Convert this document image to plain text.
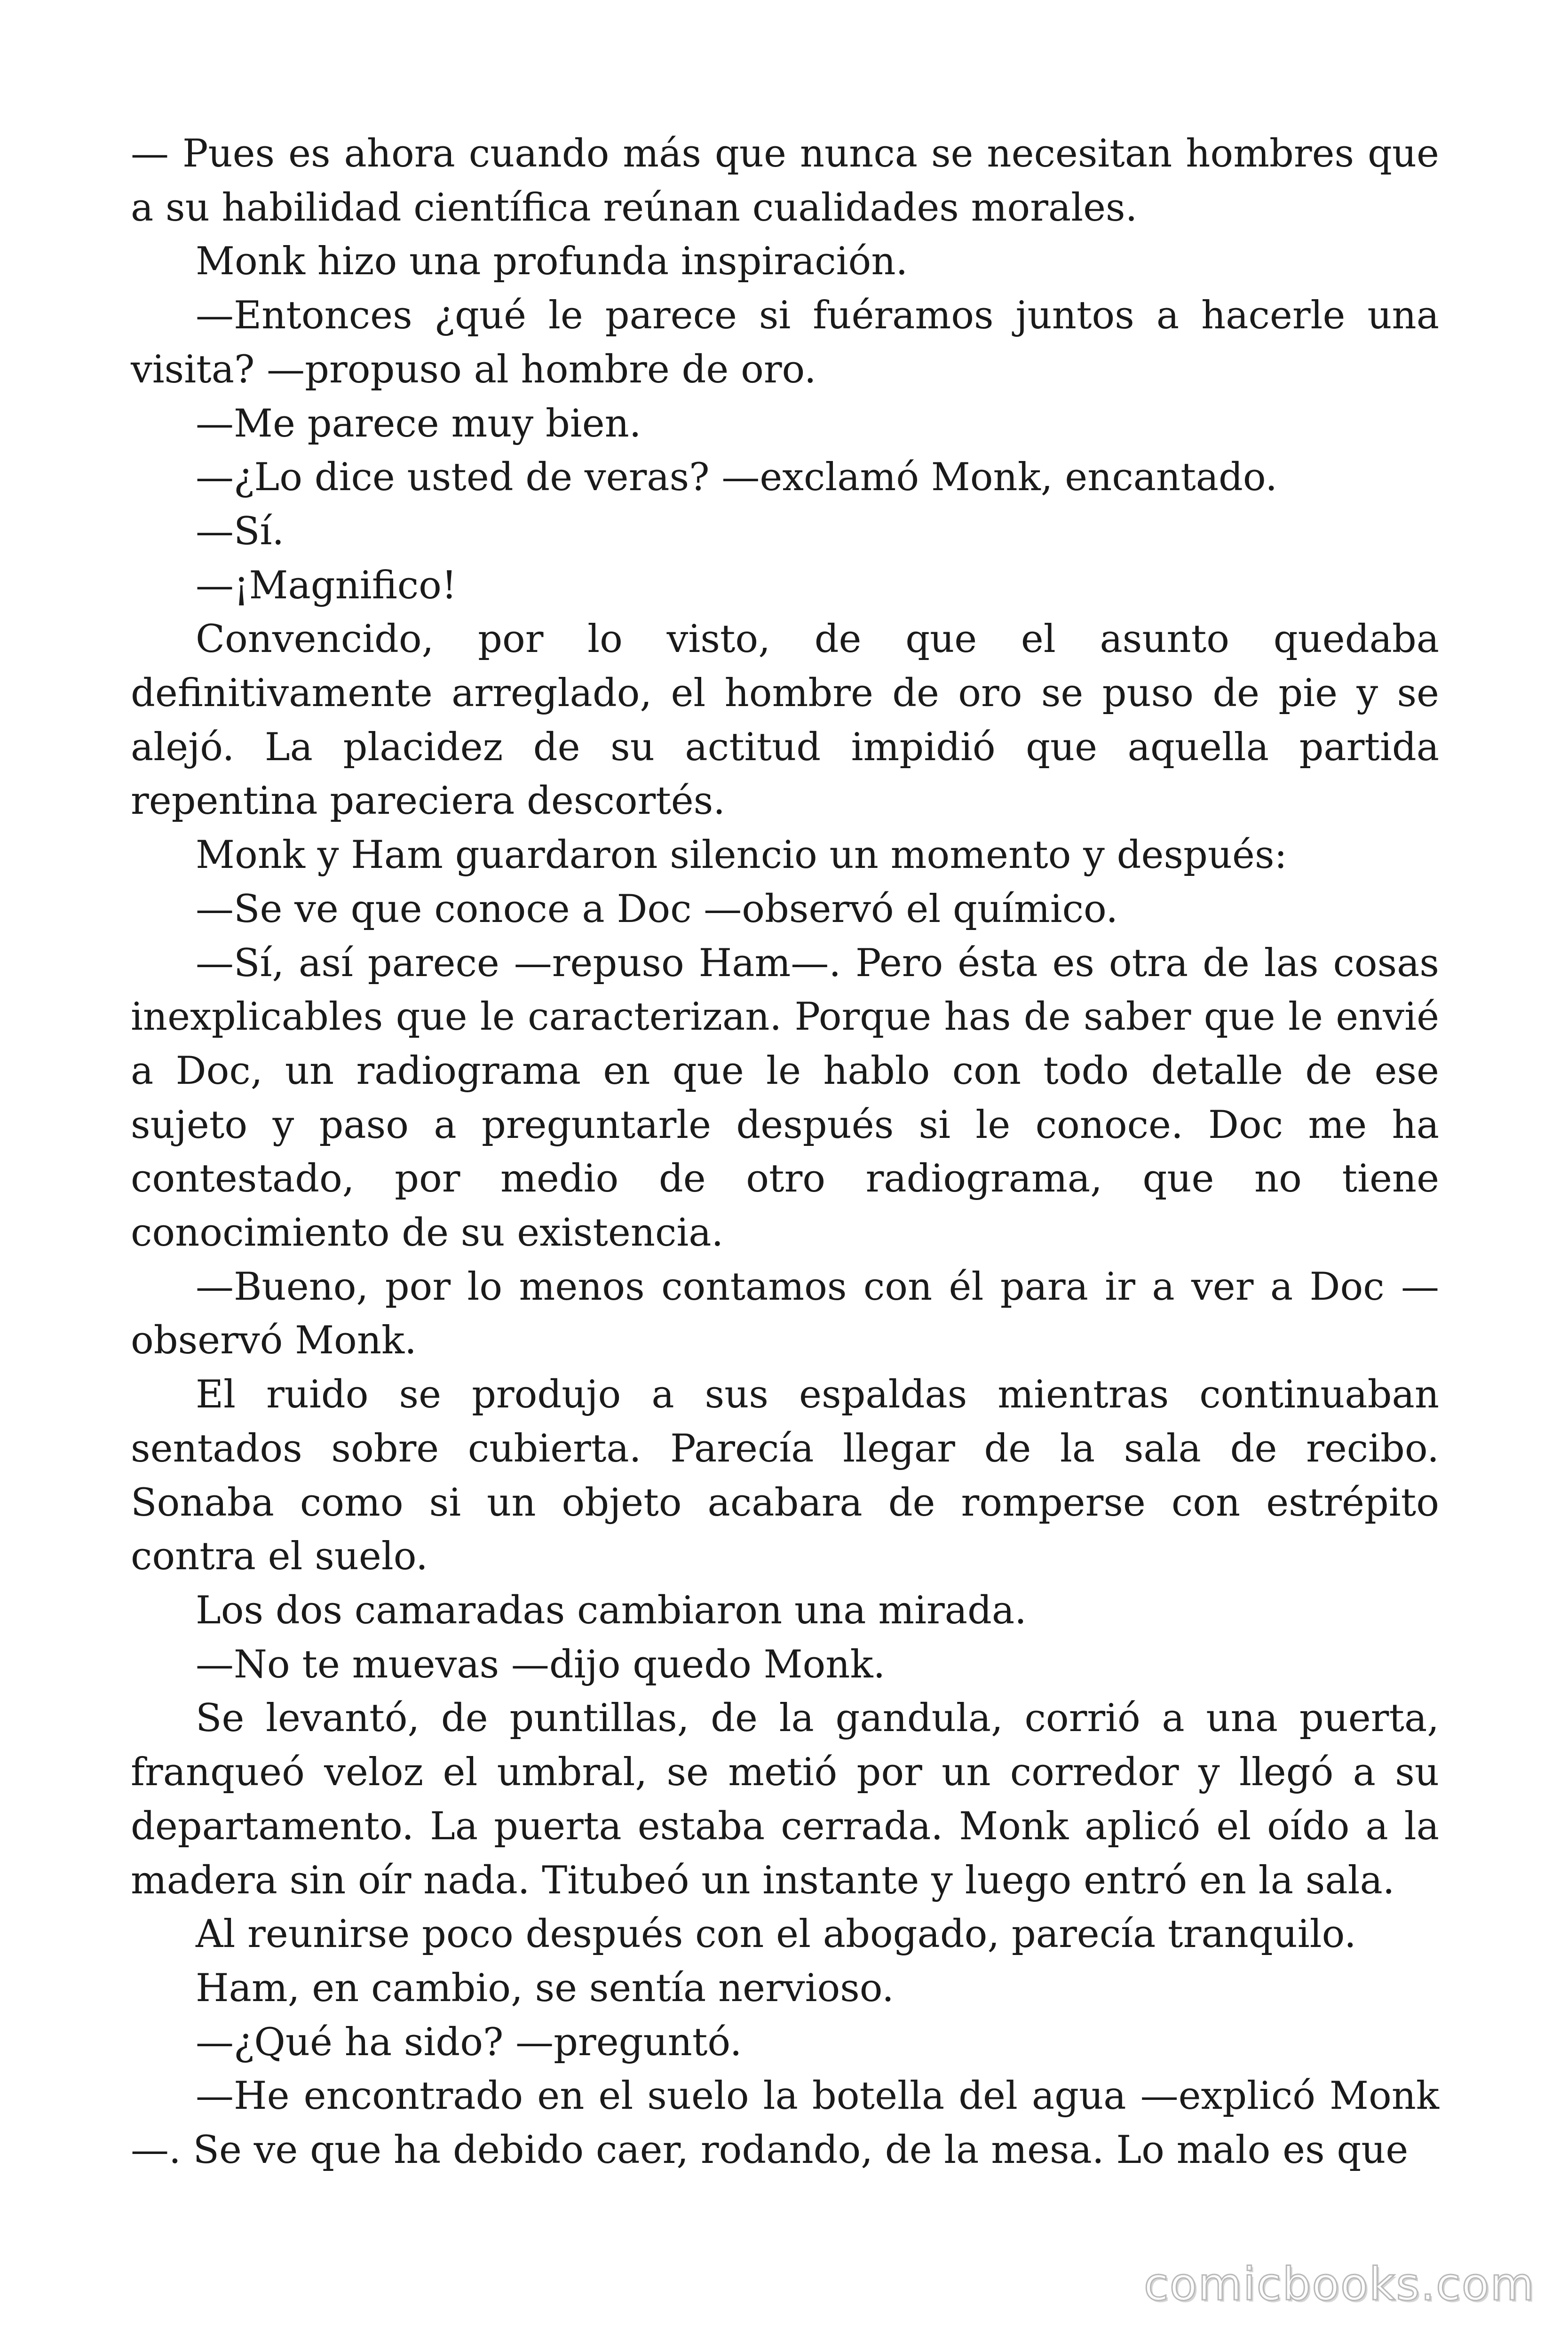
— Pues es ahora cuando más que nunca se necesitan hombres que a su habilidad científica reúnan cualidades morales.

Monk hizo una profunda inspiración.

—Entonces ¿qué le parece si fuéramos juntos a hacerle una visita? —propuso al hombre de oro.

—Me parece muy bien.

—¿Lo dice usted de veras? —exclamó Monk, encantado.

—Sí.

—¡Magnifico!

Convencido, por lo visto, de que el asunto quedaba definitivamente arreglado, el hombre de oro se puso de pie y se alejó. La placidez de su actitud impidió que aquella partida repentina pareciera descortés.

Monk y Ham guardaron silencio un momento y después:

—Se ve que conoce a Doc —observó el químico.

—Sí, así parece —repuso Ham—. Pero ésta es otra de las cosas inexplicables que le caracterizan. Porque has de saber que le envié a Doc, un radiograma en que le hablo con todo detalle de ese sujeto y paso a preguntarle después si le conoce. Doc me ha contestado, por medio de otro radiograma, que no tiene conocimiento de su existencia.

—Bueno, por lo menos contamos con él para ir a ver a Doc — observó Monk.

El ruido se produjo a sus espaldas mientras continuaban sentados sobre cubierta. Parecía llegar de la sala de recibo. Sonaba como si un objeto acabara de romperse con estrépito contra el suelo.

Los dos camaradas cambiaron una mirada.

—No te muevas —dijo quedo Monk.

Se levantó, de puntillas, de la gandula, corrió a una puerta, franqueó veloz el umbral, se metió por un corredor y llegó a su departamento. La puerta estaba cerrada. Monk aplicó el oído a la madera sin oír nada. Titubeó un instante y luego entró en la sala.

Al reunirse poco después con el abogado, parecía tranquilo.

Ham, en cambio, se sentía nervioso.

—¿Qué ha sido? —preguntó.

—He encontrado en el suelo la botella del agua —explicó Monk —. Se ve que ha debido caer, rodando, de la mesa. Lo malo es que

comicbooks.com
